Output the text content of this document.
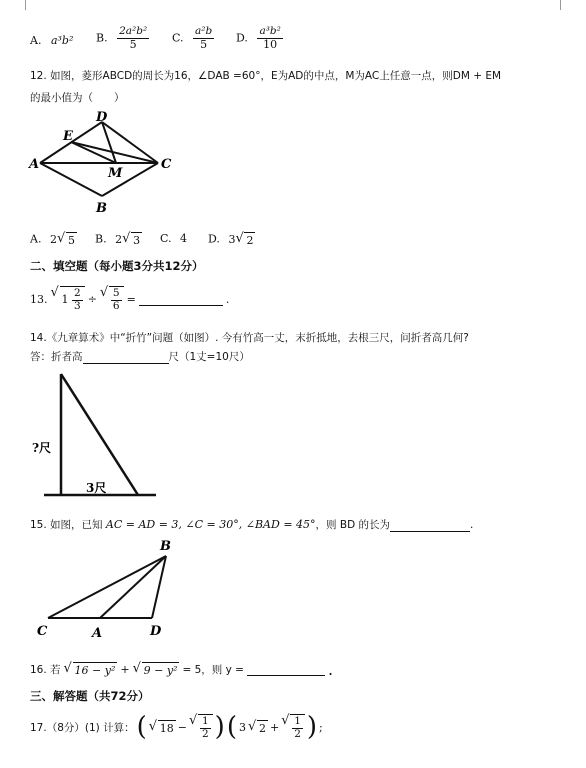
A. a³b² B. $\frac{\text{2a²b²}}{5} C$. $\frac{\text{a²b}}{5} D$. $\frac{\text{a³b²}}{10}$
12. 如图，菱形ABCD的周长为16，∠DAB =60°，E为AD的中点，M为AC上任意一点，则DM + EM
的最小值为（　　）
D
E
A	C
M
B
A. 2 √ 5 B. 2 √ 3 C. 4 D. 3 √ 2
二、填空题（每小题3分共12分）
13.	√ $1 \frac{2}{3}$ ÷ √ $\frac{5}{6}$ =	.
14.《九章算术》中“折竹”问题（如图）. 今有竹高一丈，末折抵地，去根三尺，问折者高几何?
答：折者高	尺（1丈=10尺）
?尺
3尺
15. 如图，已知 AC = AD = 3, ∠C = 30°, ∠BAD = 45°，则 BD 的长为	.
B
C	A	D
16. 若	√ 16 − y² +	√ 9 − y² = 5，则 y =	.
三、解答题（共72分）
17.（8分）(1) 计算： (	√ 18 − √ $\frac{1}{2}$ ) ( 3	√ 2 + √ $\frac{1}{2}$ ) ;
